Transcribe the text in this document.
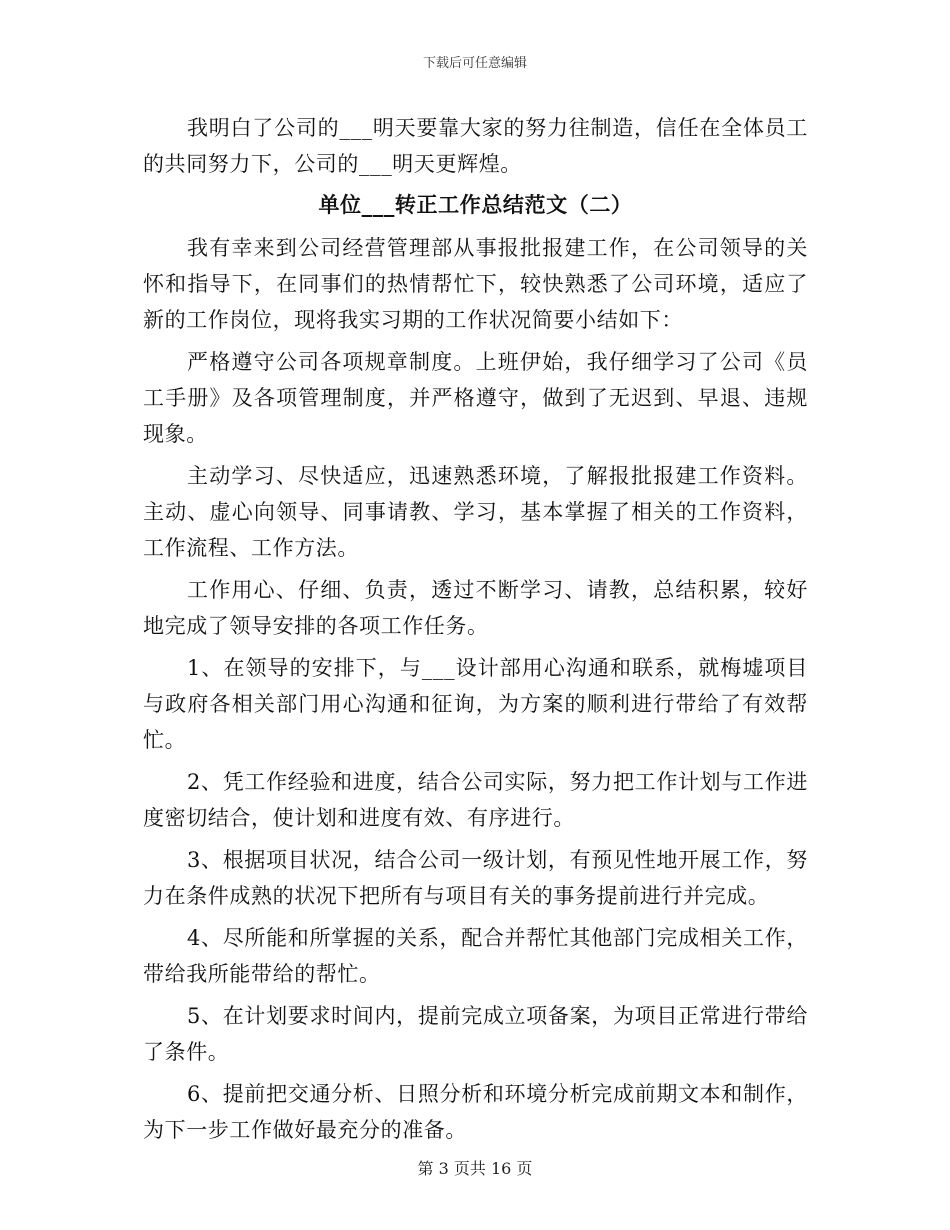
下载后可任意编辑

我明白了公司的___明天要靠大家的努力往制造，信任在全体员工的共同努力下，公司的___明天更辉煌。

单位___转正工作总结范文（二）

我有幸来到公司经营管理部从事报批报建工作，在公司领导的关怀和指导下，在同事们的热情帮忙下，较快熟悉了公司环境，适应了新的工作岗位，现将我实习期的工作状况简要小结如下：

严格遵守公司各项规章制度。上班伊始，我仔细学习了公司《员工手册》及各项管理制度，并严格遵守，做到了无迟到、早退、违规现象。

主动学习、尽快适应，迅速熟悉环境，了解报批报建工作资料。主动、虚心向领导、同事请教、学习，基本掌握了相关的工作资料，工作流程、工作方法。

工作用心、仔细、负责，透过不断学习、请教，总结积累，较好地完成了领导安排的各项工作任务。

1、在领导的安排下，与___设计部用心沟通和联系，就梅墟项目与政府各相关部门用心沟通和征询，为方案的顺利进行带给了有效帮忙。

2、凭工作经验和进度，结合公司实际，努力把工作计划与工作进度密切结合，使计划和进度有效、有序进行。

3、根据项目状况，结合公司一级计划，有预见性地开展工作，努力在条件成熟的状况下把所有与项目有关的事务提前进行并完成。

4、尽所能和所掌握的关系，配合并帮忙其他部门完成相关工作，带给我所能带给的帮忙。

5、在计划要求时间内，提前完成立项备案，为项目正常进行带给了条件。

6、提前把交通分析、日照分析和环境分析完成前期文本和制作，为下一步工作做好最充分的准备。

第 3 页共 16 页
